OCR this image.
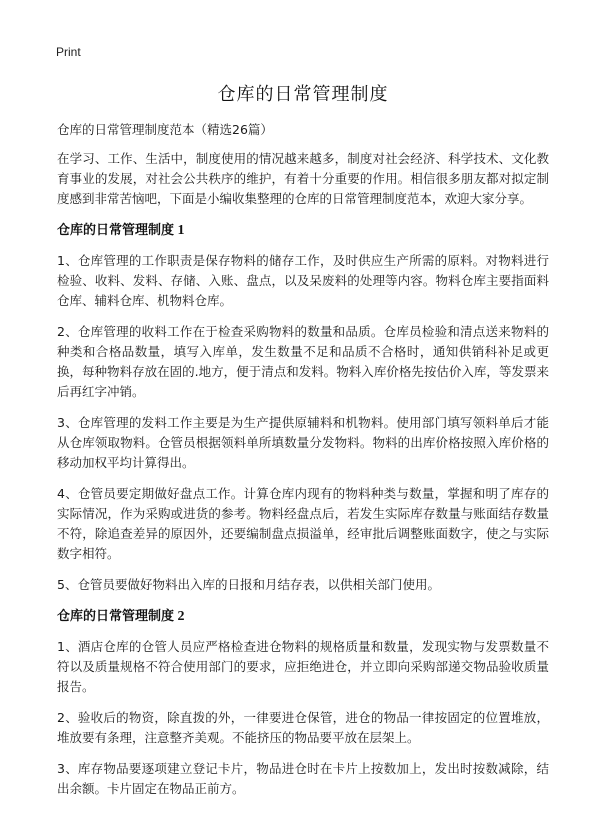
Print
仓库的日常管理制度
仓库的日常管理制度范本（精选26篇）

在学习、工作、生活中，制度使用的情况越来越多，制度对社会经济、科学技术、文化教育事业的发展，对社会公共秩序的维护，有着十分重要的作用。相信很多朋友都对拟定制度感到非常苦恼吧，下面是小编收集整理的仓库的日常管理制度范本，欢迎大家分享。

仓库的日常管理制度 1

1、仓库管理的工作职责是保存物料的储存工作，及时供应生产所需的原料。对物料进行检验、收料、发料、存储、入账、盘点，以及呆废料的处理等内容。物料仓库主要指面料仓库、辅料仓库、机物料仓库。

2、仓库管理的收料工作在于检查采购物料的数量和品质。仓库员检验和清点送来物料的种类和合格品数量，填写入库单，发生数量不足和品质不合格时，通知供销科补足或更换，每种物料存放在固的.地方，便于清点和发料。物料入库价格先按估价入库，等发票来后再红字冲销。

3、仓库管理的发料工作主要是为生产提供原辅料和机物料。使用部门填写领料单后才能从仓库领取物料。仓管员根据领料单所填数量分发物料。物料的出库价格按照入库价格的移动加权平均计算得出。

4、仓管员要定期做好盘点工作。计算仓库内现有的物料种类与数量，掌握和明了库存的实际情况，作为采购或进货的参考。物料经盘点后，若发生实际库存数量与账面结存数量不符，除追查差异的原因外，还要编制盘点损溢单，经审批后调整账面数字，使之与实际数字相符。

5、仓管员要做好物料出入库的日报和月结存表，以供相关部门使用。

仓库的日常管理制度 2

1、酒店仓库的仓管人员应严格检查进仓物料的规格质量和数量，发现实物与发票数量不符以及质量规格不符合使用部门的要求，应拒绝进仓，并立即向采购部递交物品验收质量报告。

2、验收后的物资，除直拨的外，一律要进仓保管，进仓的物品一律按固定的位置堆放，堆放要有条理，注意整齐美观。不能挤压的物品要平放在层架上。

3、库存物品要逐项建立登记卡片，物品进仓时在卡片上按数加上，发出时按数减除，结出余额。卡片固定在物品正前方。
